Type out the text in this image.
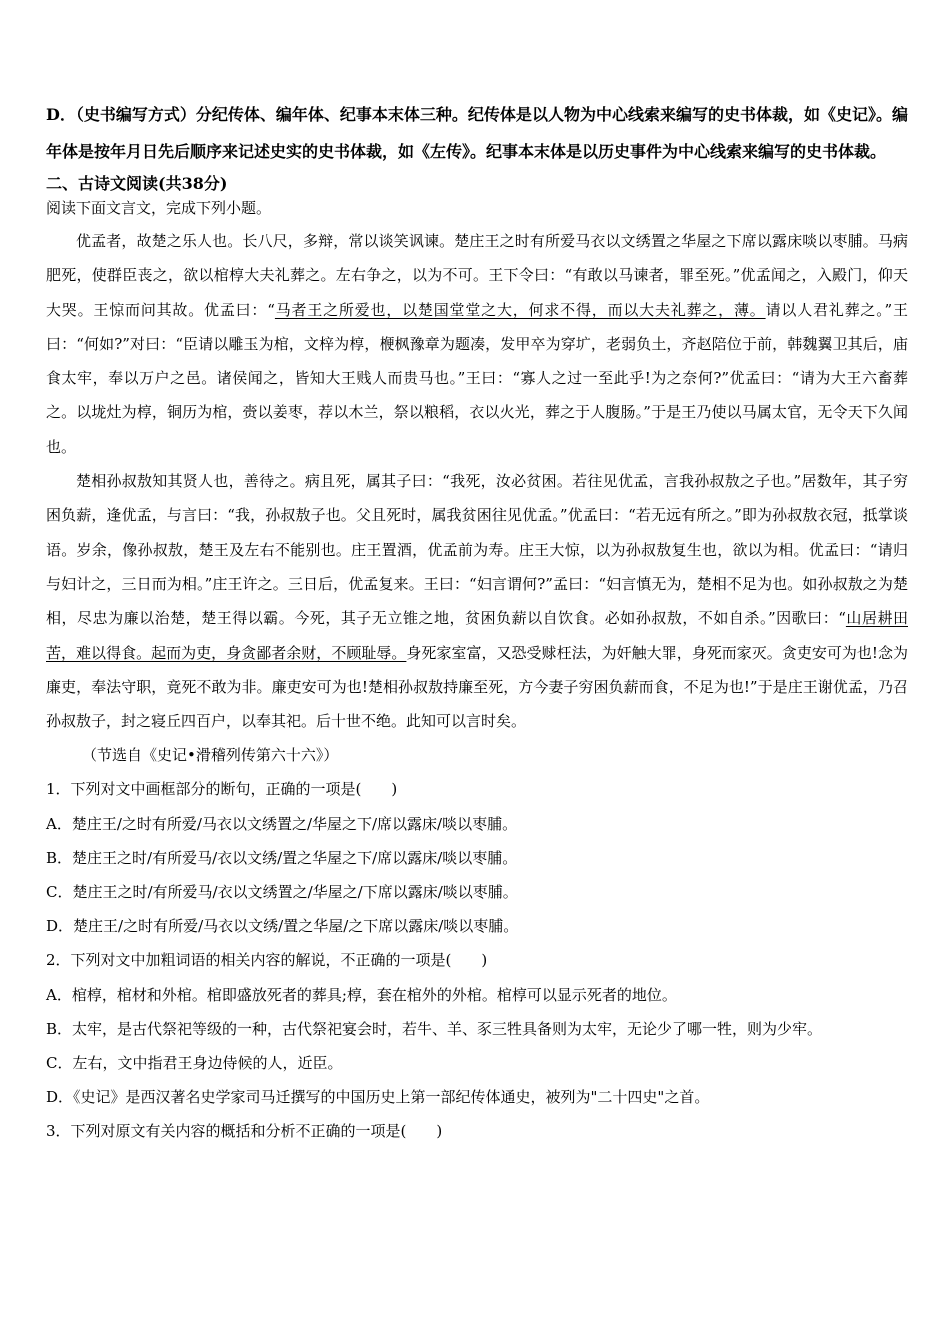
D．（史书编写方式）分纪传体、编年体、纪事本末体三种。纪传体是以人物为中心线索来编写的史书体裁，如《史记》。编年体是按年月日先后顺序来记述史实的史书体裁，如《左传》。纪事本末体是以历史事件为中心线索来编写的史书体裁。
二、古诗文阅读(共38分)
阅读下面文言文，完成下列小题。
优孟者，故楚之乐人也。长八尺，多辩，常以谈笑讽谏。楚庄王之时有所爱马衣以文绣置之华屋之下席以露床啖以枣脯。马病肥死，使群臣丧之，欲以棺椁大夫礼葬之。左右争之，以为不可。王下令曰：“有敢以马谏者，罪至死。”优孟闻之，入殿门，仰天大哭。王惊而问其故。优孟曰：“马者王之所爱也，以楚国堂堂之大，何求不得，而以大夫礼葬之，薄。请以人君礼葬之。”王曰：“何如?”对曰：“臣请以雕玉为棺，文梓为椁，楩枫豫章为题凑，发甲卒为穿圹，老弱负土，齐赵陪位于前，韩魏翼卫其后，庙食太牢，奉以万户之邑。诸侯闻之，皆知大王贱人而贵马也。”王曰：“寡人之过一至此乎!为之奈何?”优孟曰：“请为大王六畜葬之。以垅灶为椁，铜历为棺，赍以姜枣，荐以木兰，祭以粮稻，衣以火光，葬之于人腹肠。”于是王乃使以马属太官，无令天下久闻也。
楚相孙叔敖知其贤人也，善待之。病且死，属其子曰：“我死，汝必贫困。若往见优孟，言我孙叔敖之子也。”居数年，其子穷困负薪，逢优孟，与言曰：“我，孙叔敖子也。父且死时，属我贫困往见优孟。”优孟曰：“若无远有所之。”即为孙叔敖衣冠，抵掌谈语。岁余，像孙叔敖，楚王及左右不能别也。庄王置酒，优孟前为寿。庄王大惊，以为孙叔敖复生也，欲以为相。优孟曰：“请归与妇计之，三日而为相。”庄王许之。三日后，优孟复来。王曰：“妇言谓何?”孟曰：“妇言慎无为，楚相不足为也。如孙叔敖之为楚相，尽忠为廉以治楚，楚王得以霸。今死，其子无立锥之地，贫困负薪以自饮食。必如孙叔敖，不如自杀。”因歌曰：“山居耕田苦，难以得食。起而为吏，身贪鄙者余财，不顾耻辱。身死家室富，又恐受赇枉法，为奸触大罪，身死而家灭。贪吏安可为也!念为廉吏，奉法守职，竟死不敢为非。廉吏安可为也!楚相孙叔敖持廉至死，方今妻子穷困负薪而食，不足为也!”于是庄王谢优孟，乃召孙叔敖子，封之寝丘四百户，以奉其祀。后十世不绝。此知可以言时矣。
（节选自《史记•滑稽列传第六十六》）
1．下列对文中画框部分的断句，正确的一项是(　　)
A．楚庄王/之时有所爱/马衣以文绣置之/华屋之下/席以露床/啖以枣脯。
B．楚庄王之时/有所爱马/衣以文绣/置之华屋之下/席以露床/啖以枣脯。
C．楚庄王之时/有所爱马/衣以文绣置之/华屋之/下席以露床/啖以枣脯。
D．楚庄王/之时有所爱/马衣以文绣/置之华屋/之下席以露床/啖以枣脯。
2．下列对文中加粗词语的相关内容的解说，不正确的一项是(　　)
A．棺椁，棺材和外棺。棺即盛放死者的葬具;椁，套在棺外的外棺。棺椁可以显示死者的地位。
B．太牢，是古代祭祀等级的一种，古代祭祀宴会时，若牛、羊、豕三牲具备则为太牢，无论少了哪一牲，则为少牢。
C．左右，文中指君王身边侍候的人，近臣。
D．《史记》是西汉著名史学家司马迁撰写的中国历史上第一部纪传体通史，被列为"二十四史"之首。
3．下列对原文有关内容的概括和分析不正确的一项是(　　)
